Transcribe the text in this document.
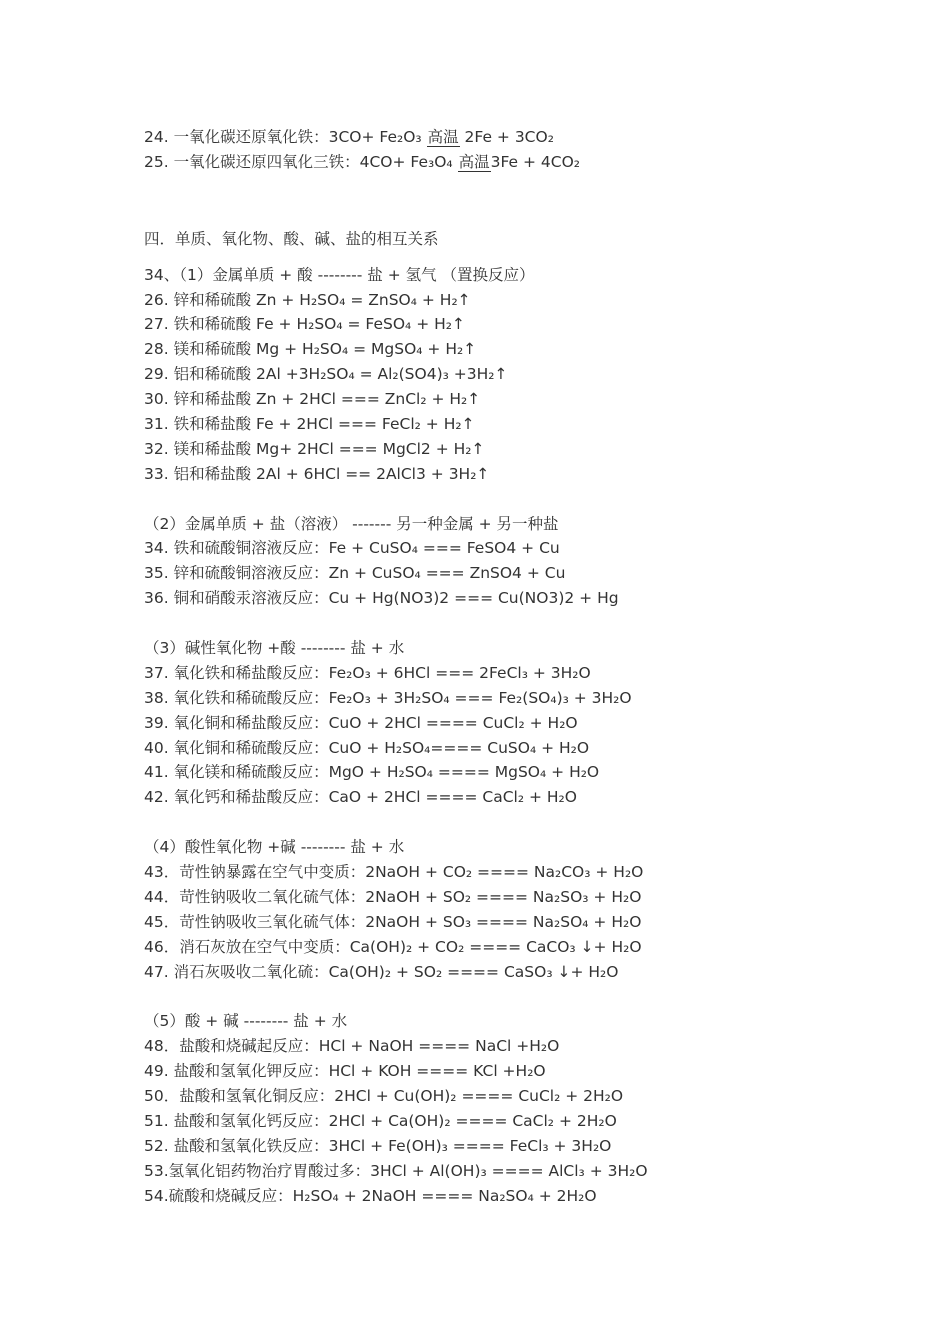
24. 一氧化碳还原氧化铁：3CO+ Fe₂O₃ 高温 2Fe + 3CO₂
25. 一氧化碳还原四氧化三铁：4CO+ Fe₃O₄ 高温3Fe + 4CO₂
四．单质、氧化物、酸、碱、盐的相互关系
34、（1）金属单质 + 酸 -------- 盐 + 氢气 （置换反应）
26. 锌和稀硫酸 Zn + H₂SO₄ = ZnSO₄ + H₂↑
27. 铁和稀硫酸 Fe + H₂SO₄ = FeSO₄ + H₂↑
28. 镁和稀硫酸 Mg + H₂SO₄ = MgSO₄ + H₂↑
29. 铝和稀硫酸 2Al +3H₂SO₄ = Al₂(SO4)₃ +3H₂↑
30. 锌和稀盐酸 Zn + 2HCl === ZnCl₂ + H₂↑
31. 铁和稀盐酸 Fe + 2HCl === FeCl₂ + H₂↑
32. 镁和稀盐酸 Mg+ 2HCl === MgCl2 + H₂↑
33. 铝和稀盐酸 2Al + 6HCl == 2AlCl3 + 3H₂↑
（2）金属单质 + 盐（溶液） ------- 另一种金属 + 另一种盐
34. 铁和硫酸铜溶液反应：Fe + CuSO₄ === FeSO4 + Cu
35. 锌和硫酸铜溶液反应：Zn + CuSO₄ === ZnSO4 + Cu
36. 铜和硝酸汞溶液反应：Cu + Hg(NO3)2 === Cu(NO3)2 + Hg
（3）碱性氧化物 +酸 -------- 盐 + 水
37. 氧化铁和稀盐酸反应：Fe₂O₃ + 6HCl === 2FeCl₃ + 3H₂O
38. 氧化铁和稀硫酸反应：Fe₂O₃ + 3H₂SO₄ === Fe₂(SO₄)₃ + 3H₂O
39. 氧化铜和稀盐酸反应：CuO + 2HCl ==== CuCl₂ + H₂O
40. 氧化铜和稀硫酸反应：CuO + H₂SO₄==== CuSO₄ + H₂O
41. 氧化镁和稀硫酸反应：MgO + H₂SO₄ ==== MgSO₄ + H₂O
42. 氧化钙和稀盐酸反应：CaO + 2HCl ==== CaCl₂ + H₂O
（4）酸性氧化物 +碱 -------- 盐 + 水
43．苛性钠暴露在空气中变质：2NaOH + CO₂ ==== Na₂CO₃ + H₂O
44．苛性钠吸收二氧化硫气体：2NaOH + SO₂ ==== Na₂SO₃ + H₂O
45．苛性钠吸收三氧化硫气体：2NaOH + SO₃ ==== Na₂SO₄ + H₂O
46．消石灰放在空气中变质：Ca(OH)₂ + CO₂ ==== CaCO₃ ↓+ H₂O
47. 消石灰吸收二氧化硫：Ca(OH)₂ + SO₂ ==== CaSO₃ ↓+ H₂O
（5）酸 + 碱 -------- 盐 + 水
48．盐酸和烧碱起反应：HCl + NaOH ==== NaCl +H₂O
49. 盐酸和氢氧化钾反应：HCl + KOH ==== KCl +H₂O
50．盐酸和氢氧化铜反应：2HCl + Cu(OH)₂ ==== CuCl₂ + 2H₂O
51. 盐酸和氢氧化钙反应：2HCl + Ca(OH)₂ ==== CaCl₂ + 2H₂O
52. 盐酸和氢氧化铁反应：3HCl + Fe(OH)₃ ==== FeCl₃ + 3H₂O
53.氢氧化铝药物治疗胃酸过多：3HCl + Al(OH)₃ ==== AlCl₃ + 3H₂O
54.硫酸和烧碱反应：H₂SO₄ + 2NaOH ==== Na₂SO₄ + 2H₂O
